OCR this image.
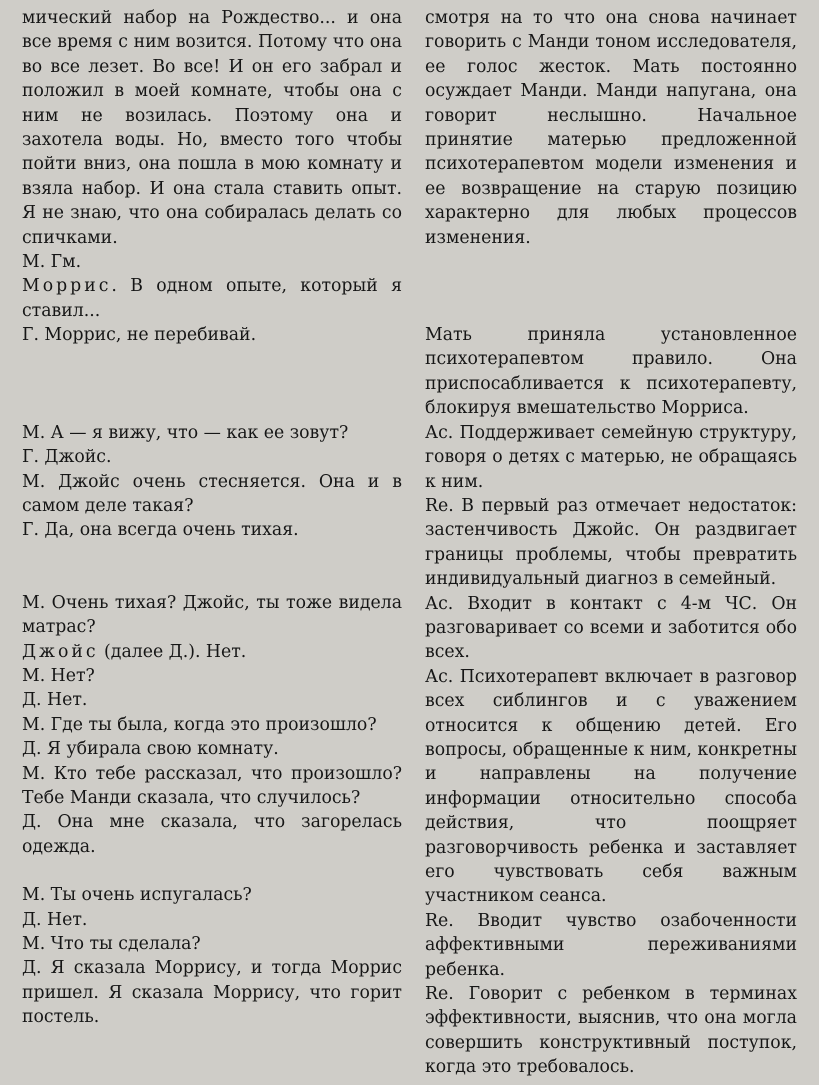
мический набор на Рождество... и она все время с ним возится. Потому что она во все лезет. Во все! И он его забрал и положил в моей комнате, чтобы она с ним не возилась. Поэтому она и захотела воды. Но, вместо того чтобы пойти вниз, она пошла в мою комнату и взяла набор. И она стала ставить опыт. Я не знаю, что она собиралась делать со спичками.

М. Гм.

Моррис. В одном опыте, который я ставил...

Г. Моррис, не перебивай.

М. А — я вижу, что — как ее зовут?

Г. Джойс.

М. Джойс очень стесняется. Она и в самом деле такая?

Г. Да, она всегда очень тихая.

М. Очень тихая? Джойс, ты тоже видела матрас?

Джойс (далее Д.). Нет.

М. Нет?

Д. Нет.

М. Где ты была, когда это произошло?

Д. Я убирала свою комнату.

М. Кто тебе рассказал, что произошло? Тебе Манди сказала, что случилось?

Д. Она мне сказала, что загорелась одежда.

М. Ты очень испугалась?

Д. Нет.

М. Что ты сделала?

Д. Я сказала Моррису, и тогда Моррис пришел. Я сказала Моррису, что горит постель.

смотря на то что она снова начинает говорить с Манди тоном исследователя, ее голос жесток. Мать постоянно осуждает Манди. Манди напугана, она говорит неслышно. Начальное принятие матерью предложенной психотерапевтом модели изменения и ее возвращение на старую позицию характерно для любых процессов изменения.

Мать приняла установленное психотерапевтом правило. Она приспосабливается к психотерапевту, блокируя вмешательство Морриса.

Ас. Поддерживает семейную структуру, говоря о детях с матерью, не обращаясь к ним.

Re. В первый раз отмечает недостаток: застенчивость Джойс. Он раздвигает границы проблемы, чтобы превратить индивидуальный диагноз в семейный.

Ас. Входит в контакт с 4-м ЧС. Он разговаривает со всеми и заботится обо всех.

Ас. Психотерапевт включает в разговор всех сиблингов и с уважением относится к общению детей. Его вопросы, обращенные к ним, конкретны и направлены на получение информации относительно способа действия, что поощряет разговорчивость ребенка и заставляет его чувствовать себя важным участником сеанса.

Re. Вводит чувство озабоченности аффективными переживаниями ребенка.

Re. Говорит с ребенком в терминах эффективности, выяснив, что она могла совершить конструктивный поступок, когда это требовалось.
